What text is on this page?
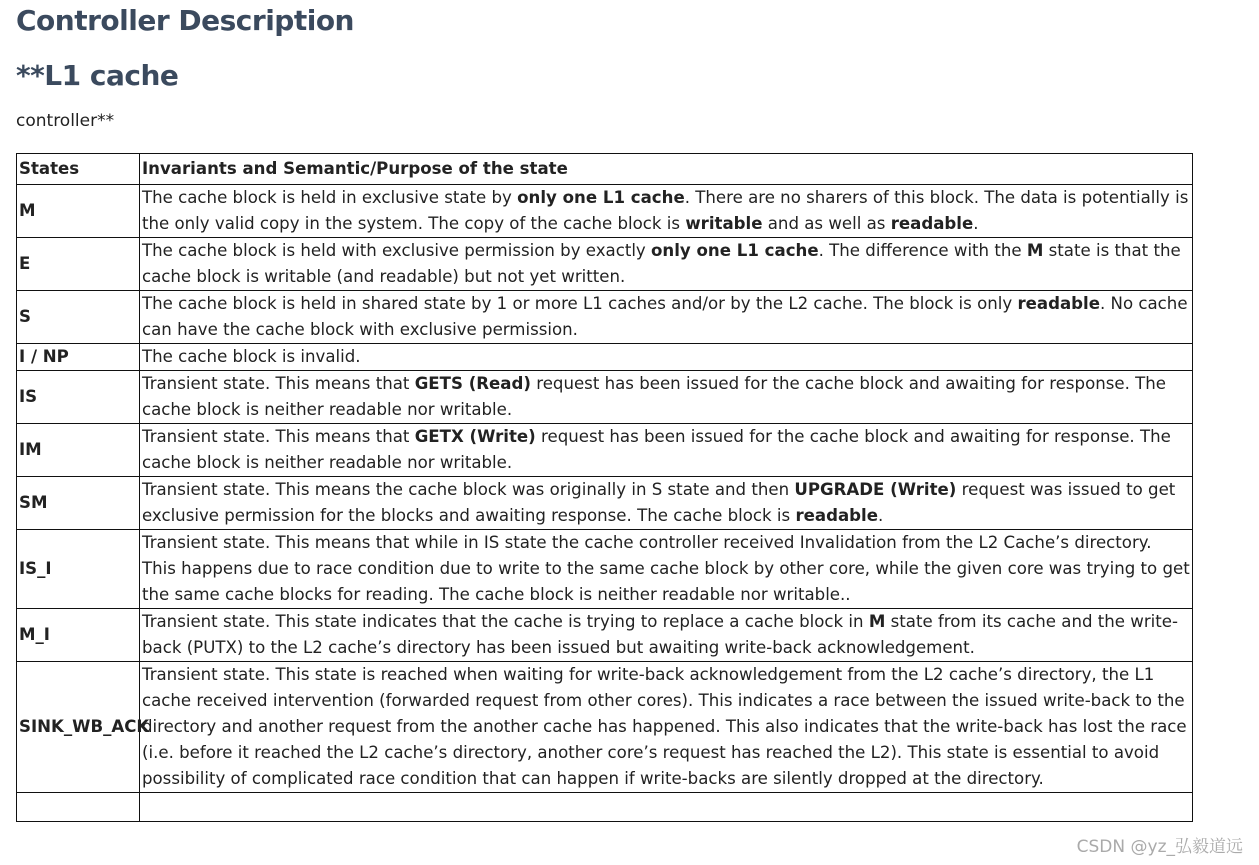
Controller Description
**L1 cache

controller**

States	Invariants and Semantic/Purpose of the state
M	The cache block is held in exclusive state by only one L1 cache. There are no sharers of this block. The data is potentially is the only valid copy in the system. The copy of the cache block is writable and as well as readable.
E	The cache block is held with exclusive permission by exactly only one L1 cache. The difference with the M state is that the cache block is writable (and readable) but not yet written.
S	The cache block is held in shared state by 1 or more L1 caches and/or by the L2 cache. The block is only readable. No cache can have the cache block with exclusive permission.
I / NP	The cache block is invalid.
IS	Transient state. This means that GETS (Read) request has been issued for the cache block and awaiting for response. The cache block is neither readable nor writable.
IM	Transient state. This means that GETX (Write) request has been issued for the cache block and awaiting for response. The cache block is neither readable nor writable.
SM	Transient state. This means the cache block was originally in S state and then UPGRADE (Write) request was issued to get exclusive permission for the blocks and awaiting response. The cache block is readable.
IS_I	Transient state. This means that while in IS state the cache controller received Invalidation from the L2 Cache’s directory. This happens due to race condition due to write to the same cache block by other core, while the given core was trying to get the same cache blocks for reading. The cache block is neither readable nor writable..
M_I	Transient state. This state indicates that the cache is trying to replace a cache block in M state from its cache and the write-back (PUTX) to the L2 cache’s directory has been issued but awaiting write-back acknowledgement.
SINK_WB_ACK	Transient state. This state is reached when waiting for write-back acknowledgement from the L2 cache’s directory, the L1 cache received intervention (forwarded request from other cores). This indicates a race between the issued write-back to the directory and another request from the another cache has happened. This also indicates that the write-back has lost the race (i.e. before it reached the L2 cache’s directory, another core’s request has reached the L2). This state is essential to avoid possibility of complicated race condition that can happen if write-backs are silently dropped at the directory.

CSDN @yz_弘毅道远
